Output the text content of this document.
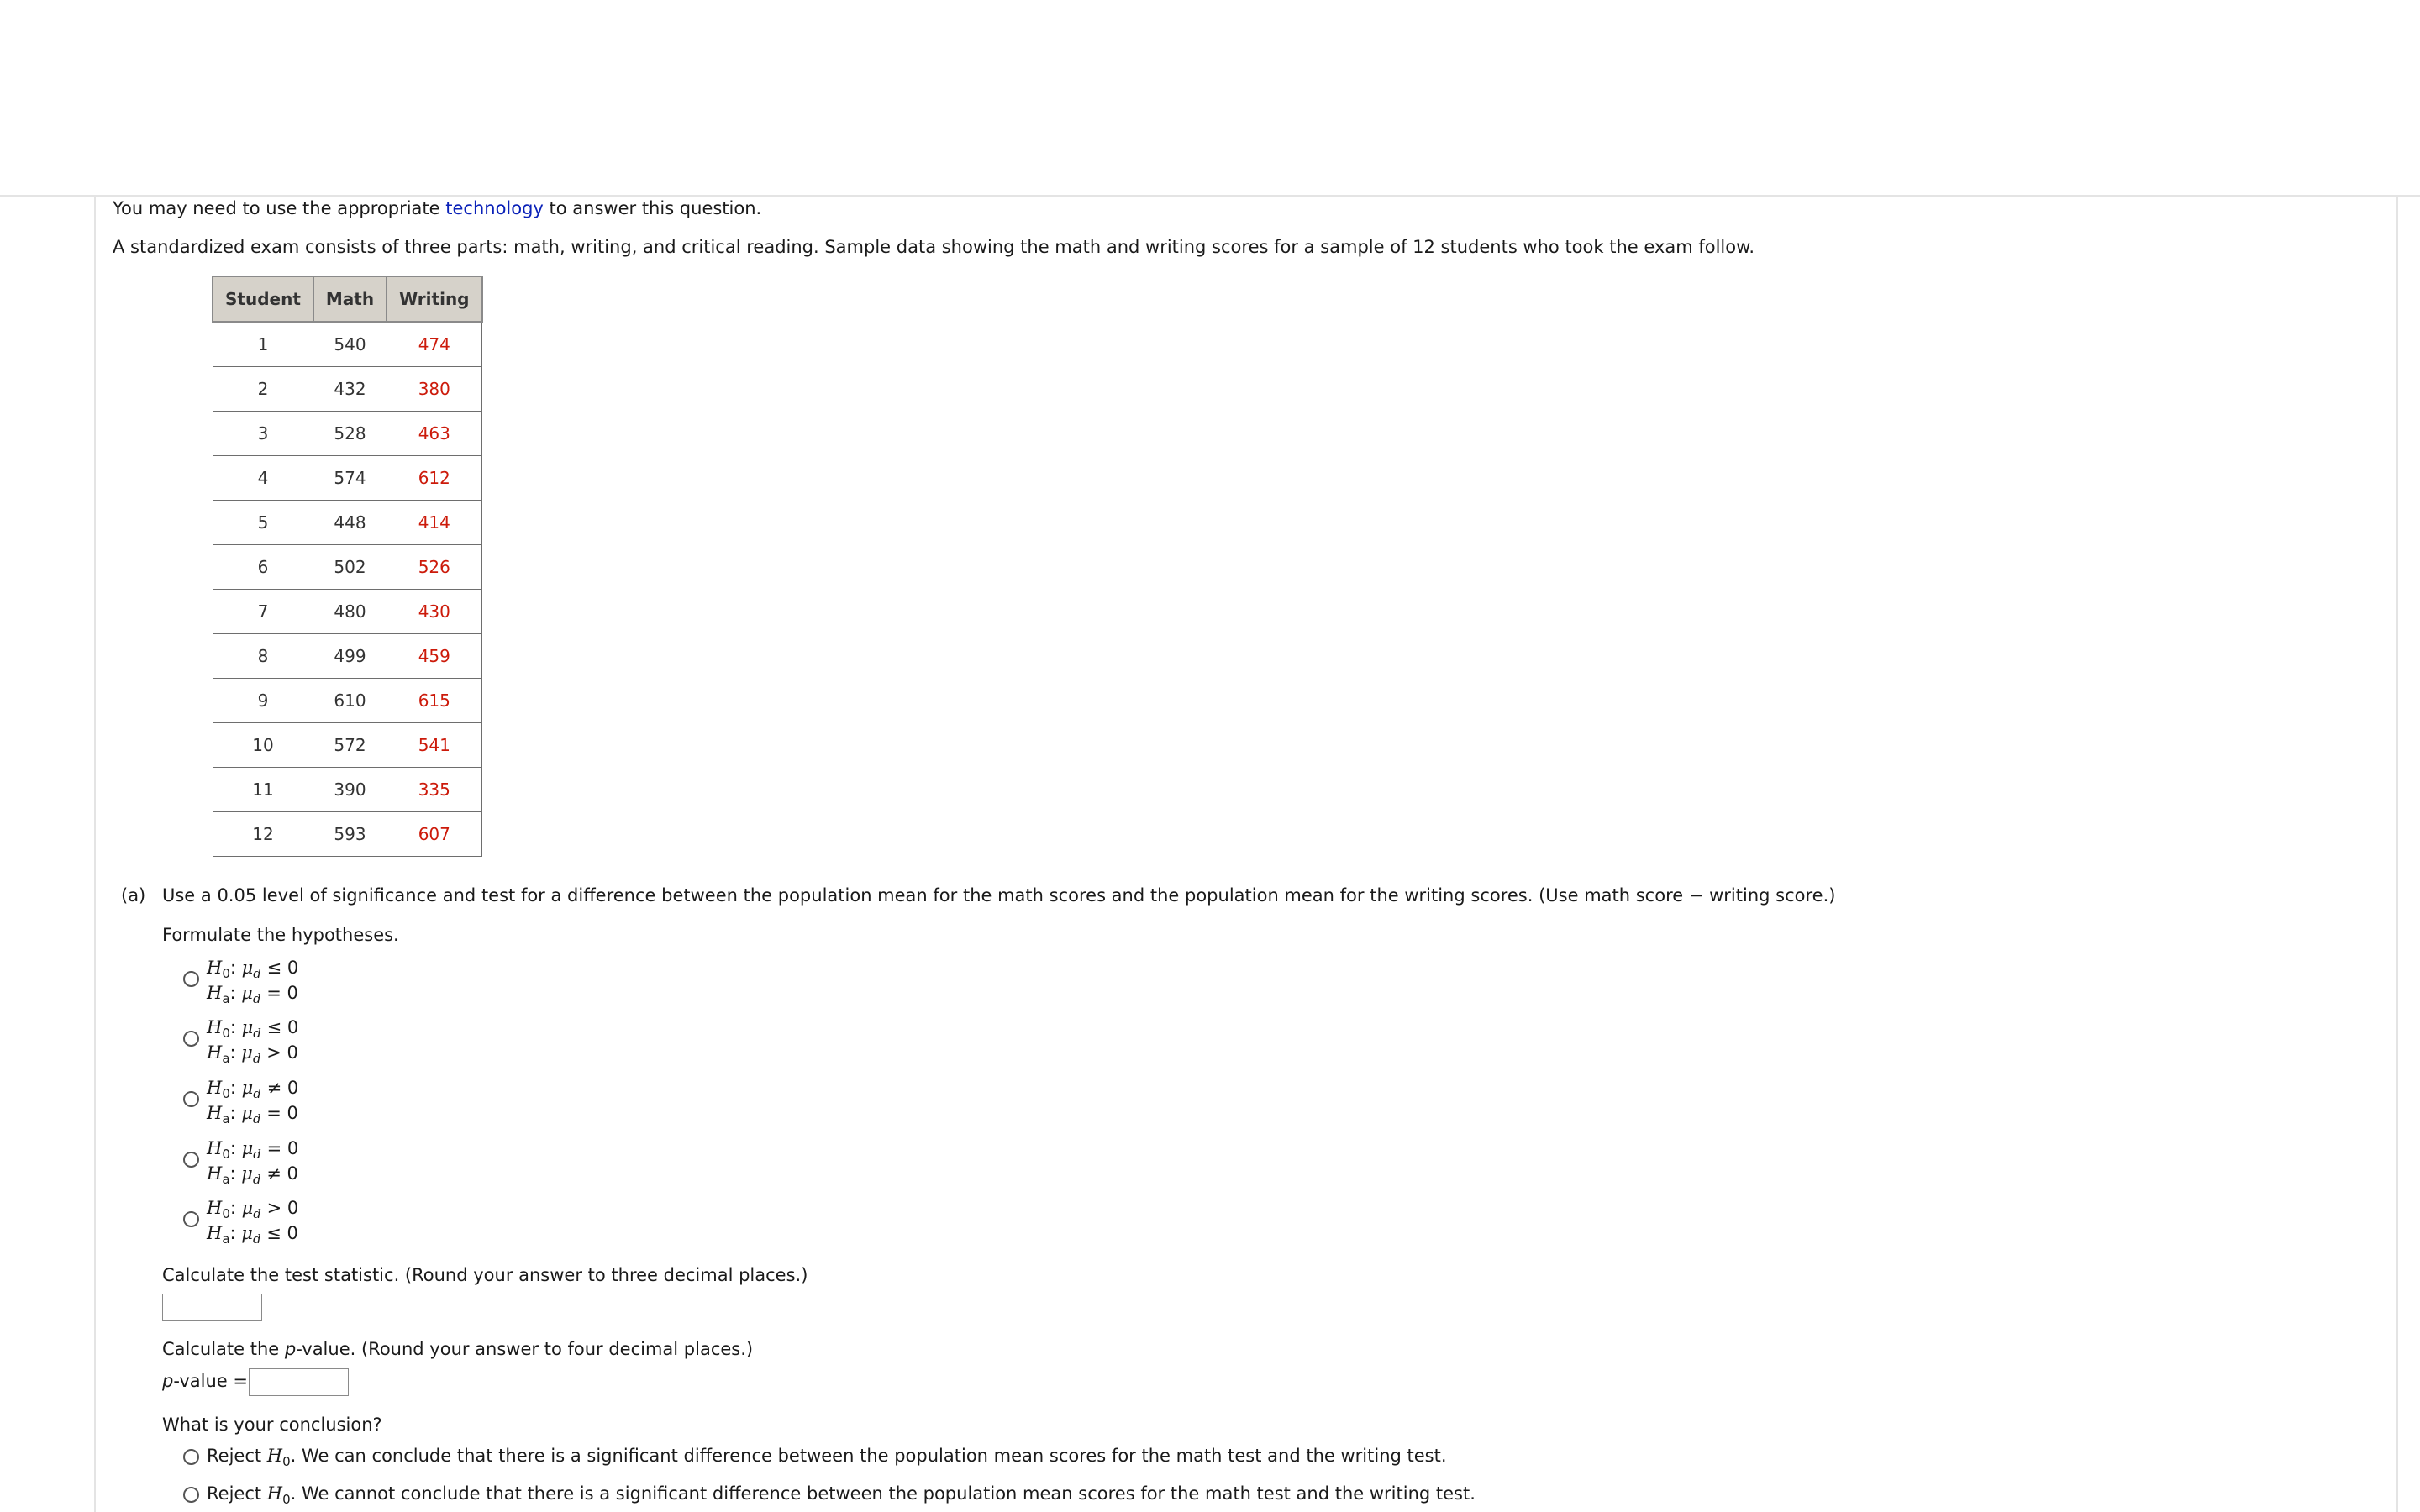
You may need to use the appropriate technology to answer this question.

A standardized exam consists of three parts: math, writing, and critical reading. Sample data showing the math and writing scores for a sample of 12 students who took the exam follow.

Student	Math	Writing
1	540	474
2	432	380
3	528	463
4	574	612
5	448	414
6	502	526
7	480	430
8	499	459
9	610	615
10	572	541
11	390	335
12	593	607

(a) Use a 0.05 level of significance and test for a difference between the population mean for the math scores and the population mean for the writing scores. (Use math score − writing score.)

Formulate the hypotheses.

$H_0$: $\mu_d \le 0$
$H_a$: $\mu_d = 0$
$H_0$: $\mu_d \le 0$
$H_a$: $\mu_d > 0$
$H_0$: $\mu_d \ne 0$
$H_a$: $\mu_d = 0$
$H_0$: $\mu_d = 0$
$H_a$: $\mu_d \ne 0$
$H_0$: $\mu_d > 0$
$H_a$: $\mu_d \le 0$

Calculate the test statistic. (Round your answer to three decimal places.)

Calculate the p-value. (Round your answer to four decimal places.)

p-value =

What is your conclusion?

Reject $H_0$. We can conclude that there is a significant difference between the population mean scores for the math test and the writing test.
Reject $H_0$. We cannot conclude that there is a significant difference between the population mean scores for the math test and the writing test.
